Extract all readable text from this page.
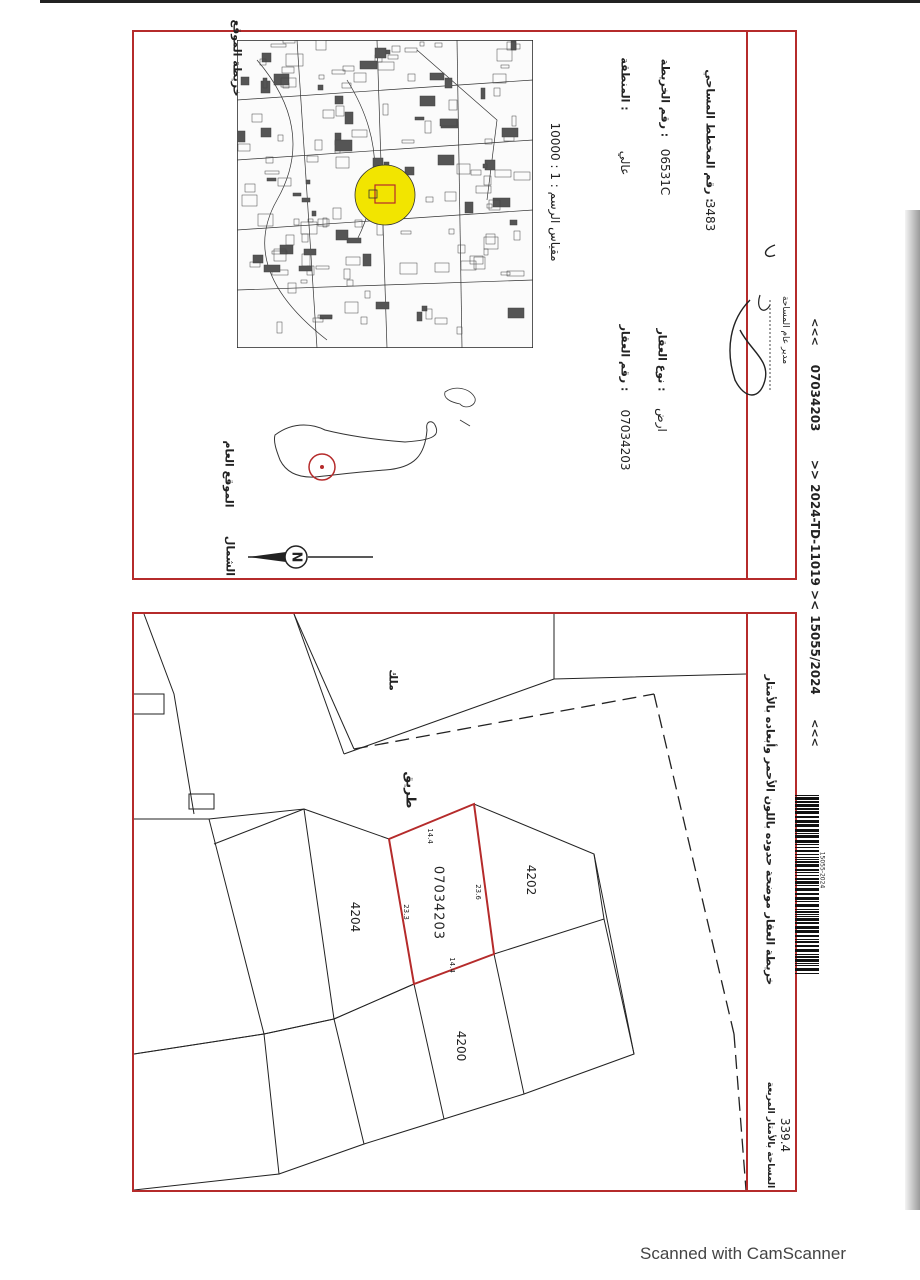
خريطة الموقع
مقياس الرسم : 1 : 10000
المنطقة :
عالي
رقم الخريطة :
06531C	رقم المخطط المساحي :
3483
رقم العقار :
07034203
نوع العقار :
ارض
الموقع العام
N
الشمال
مدير عام المساحة <<<
07034203
>> 2024-TD-11019 ><
طريق
ملك
07034203
4204
4202
4200
14.4
23.3
23.6
14.4
المساحة بالأمتار المربعة 339.4
خريطة العقار موضحة حدوده باللون الأحمر وأبعاده بالأمتار	15055-2024
15055/2024
<<<
Scanned with CamScanner
